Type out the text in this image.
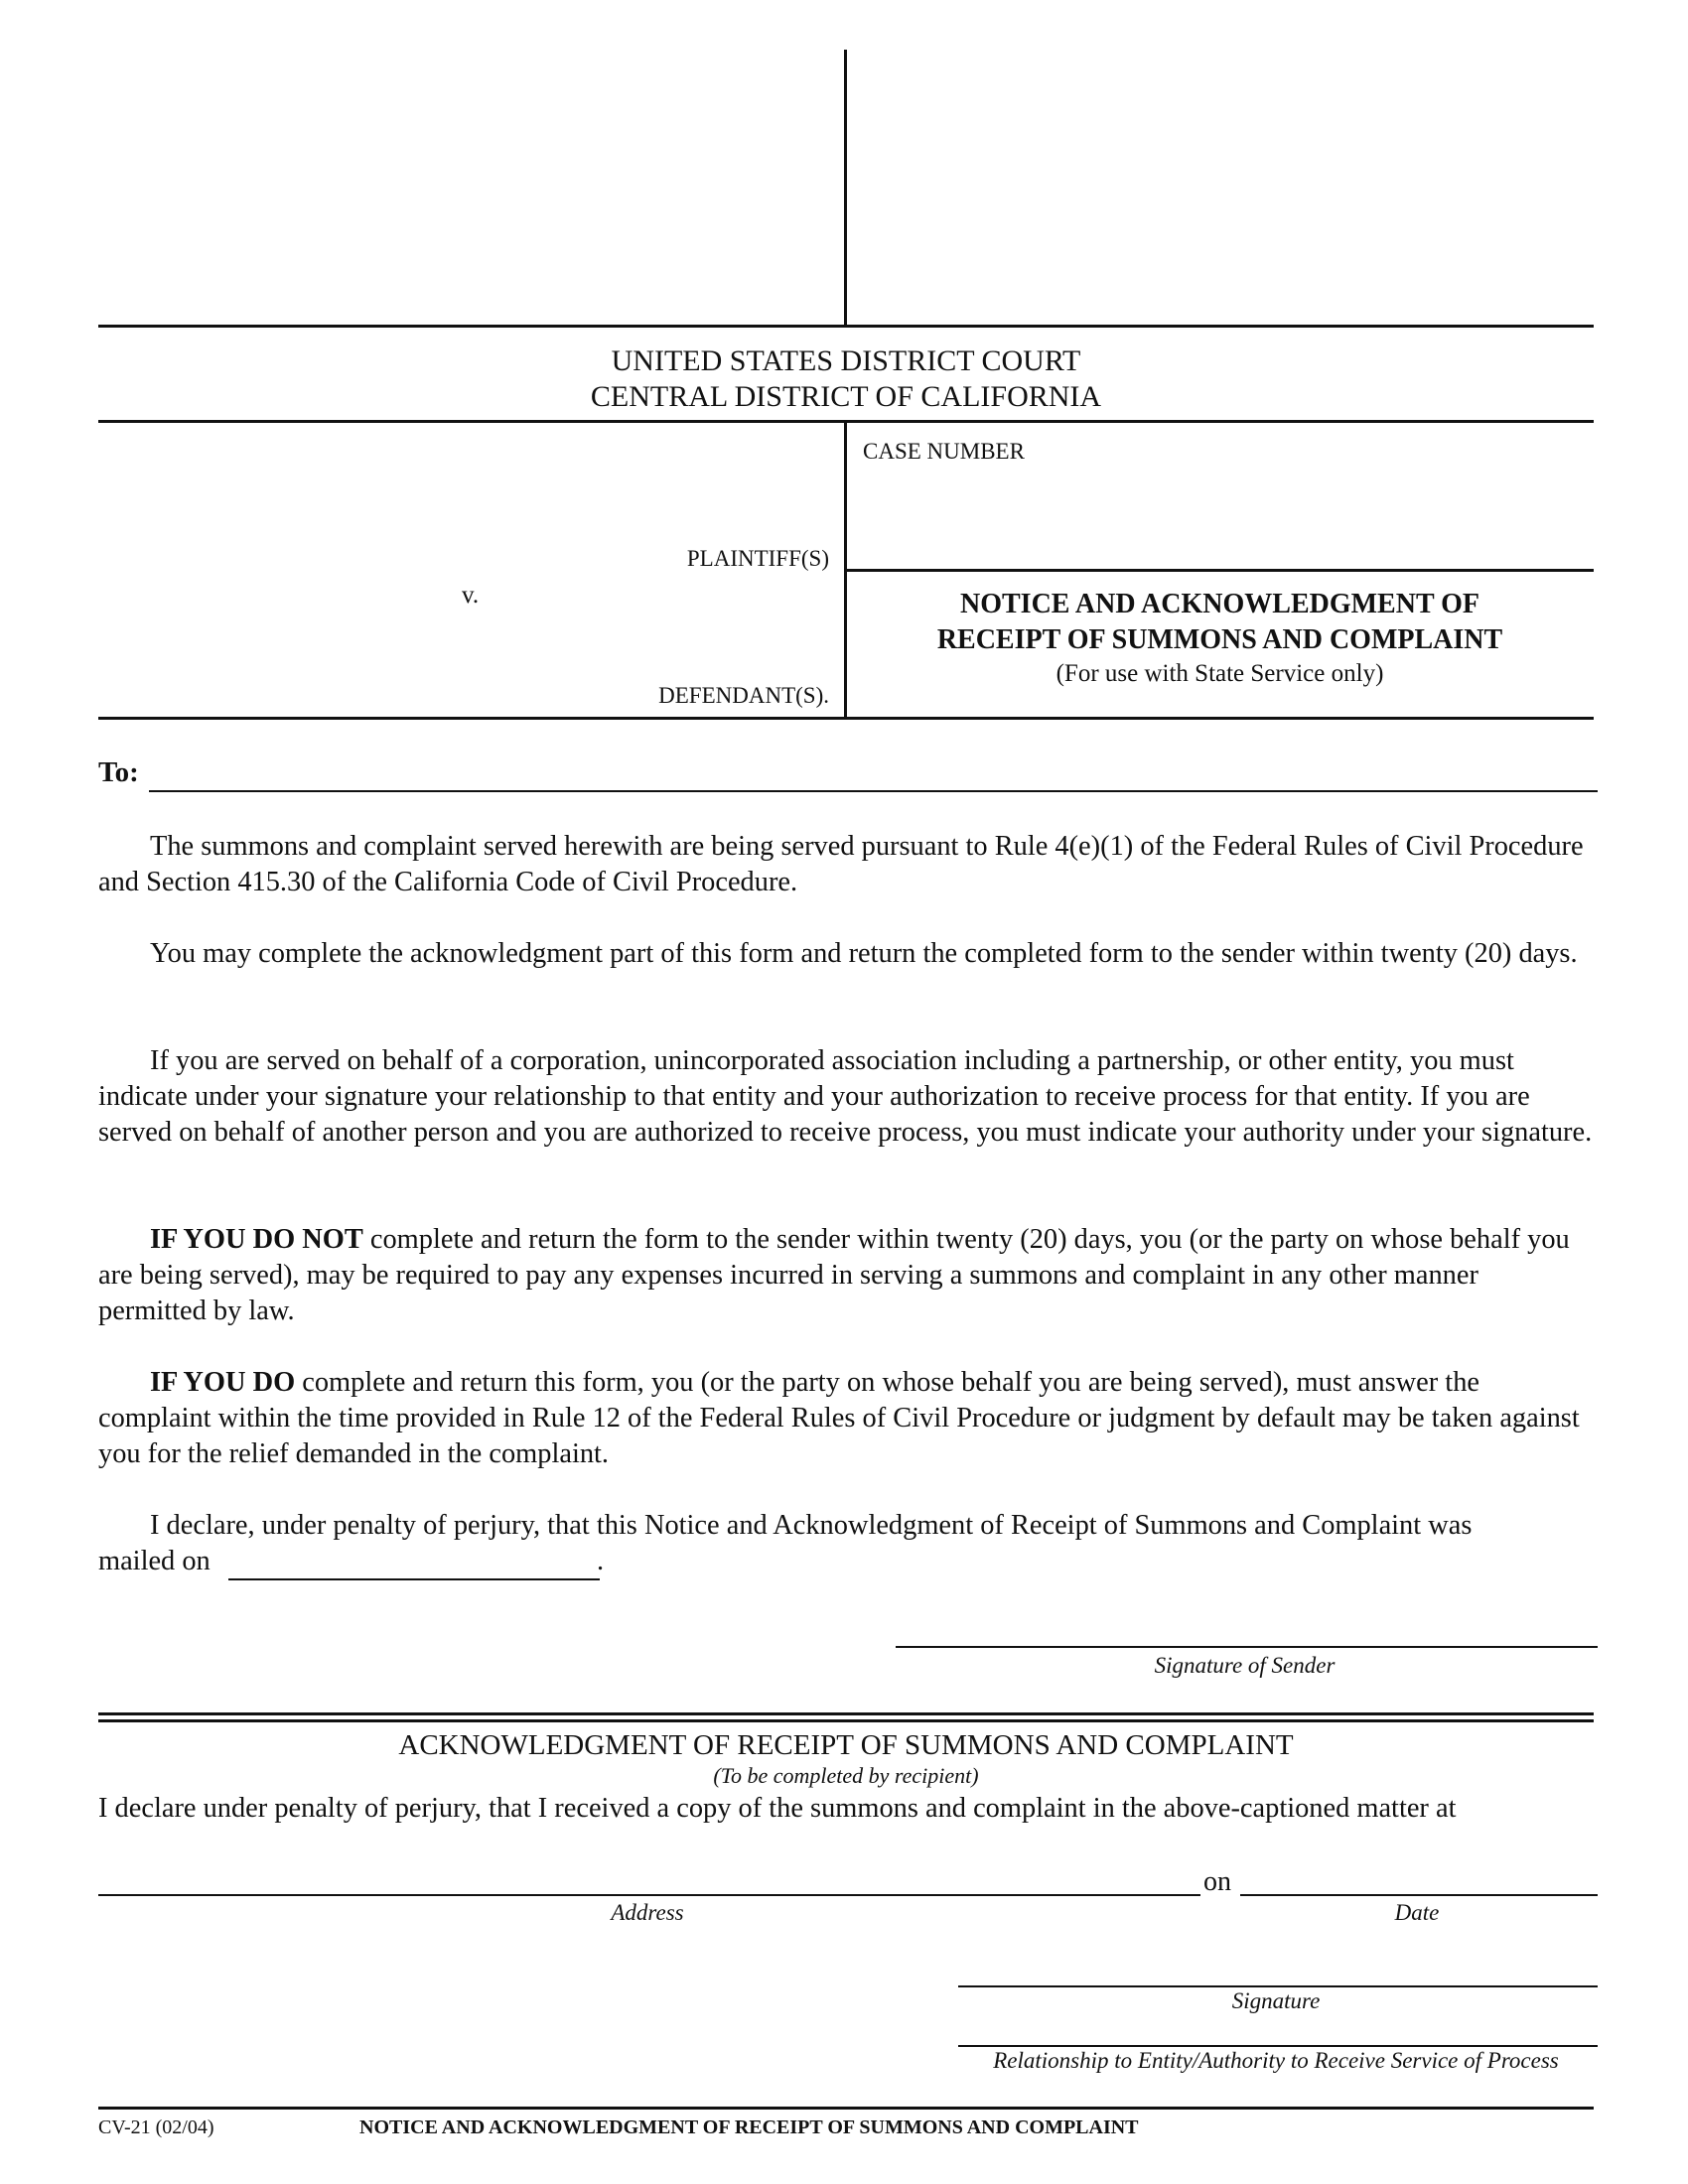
UNITED STATES DISTRICT COURT
CENTRAL DISTRICT OF CALIFORNIA
CASE NUMBER
PLAINTIFF(S)
v.
DEFENDANT(S).
NOTICE AND ACKNOWLEDGMENT OF
RECEIPT OF SUMMONS AND COMPLAINT
(For use with State Service only)
To:
The summons and complaint served herewith are being served pursuant to Rule 4(e)(1) of the Federal Rules of Civil Procedure and Section 415.30 of the California Code of Civil Procedure.
You may complete the acknowledgment part of this form and return the completed form to the sender within twenty (20) days.
If you are served on behalf of a corporation, unincorporated association including a partnership, or other entity, you must indicate under your signature your relationship to that entity and your authorization to receive process for that entity. If you are served on behalf of another person and you are authorized to receive process, you must indicate your authority under your signature.
IF YOU DO NOT complete and return the form to the sender within twenty (20) days, you (or the party on whose behalf you are being served), may be required to pay any expenses incurred in serving a summons and complaint in any other manner permitted by law.
IF YOU DO complete and return this form, you (or the party on whose behalf you are being served), must answer the complaint within the time provided in Rule 12 of the Federal Rules of Civil Procedure or judgment by default may be taken against you for the relief demanded in the complaint.
I declare, under penalty of perjury, that this Notice and Acknowledgment of Receipt of Summons and Complaint was
mailed on	.
Signature of Sender
ACKNOWLEDGMENT OF RECEIPT OF SUMMONS AND COMPLAINT
(To be completed by recipient)
I declare under penalty of perjury, that I received a copy of the summons and complaint in the above-captioned matter at
on
Address	Date
Signature
Relationship to Entity/Authority to Receive Service of Process
CV-21 (02/04)	NOTICE AND ACKNOWLEDGMENT OF RECEIPT OF SUMMONS AND COMPLAINT
